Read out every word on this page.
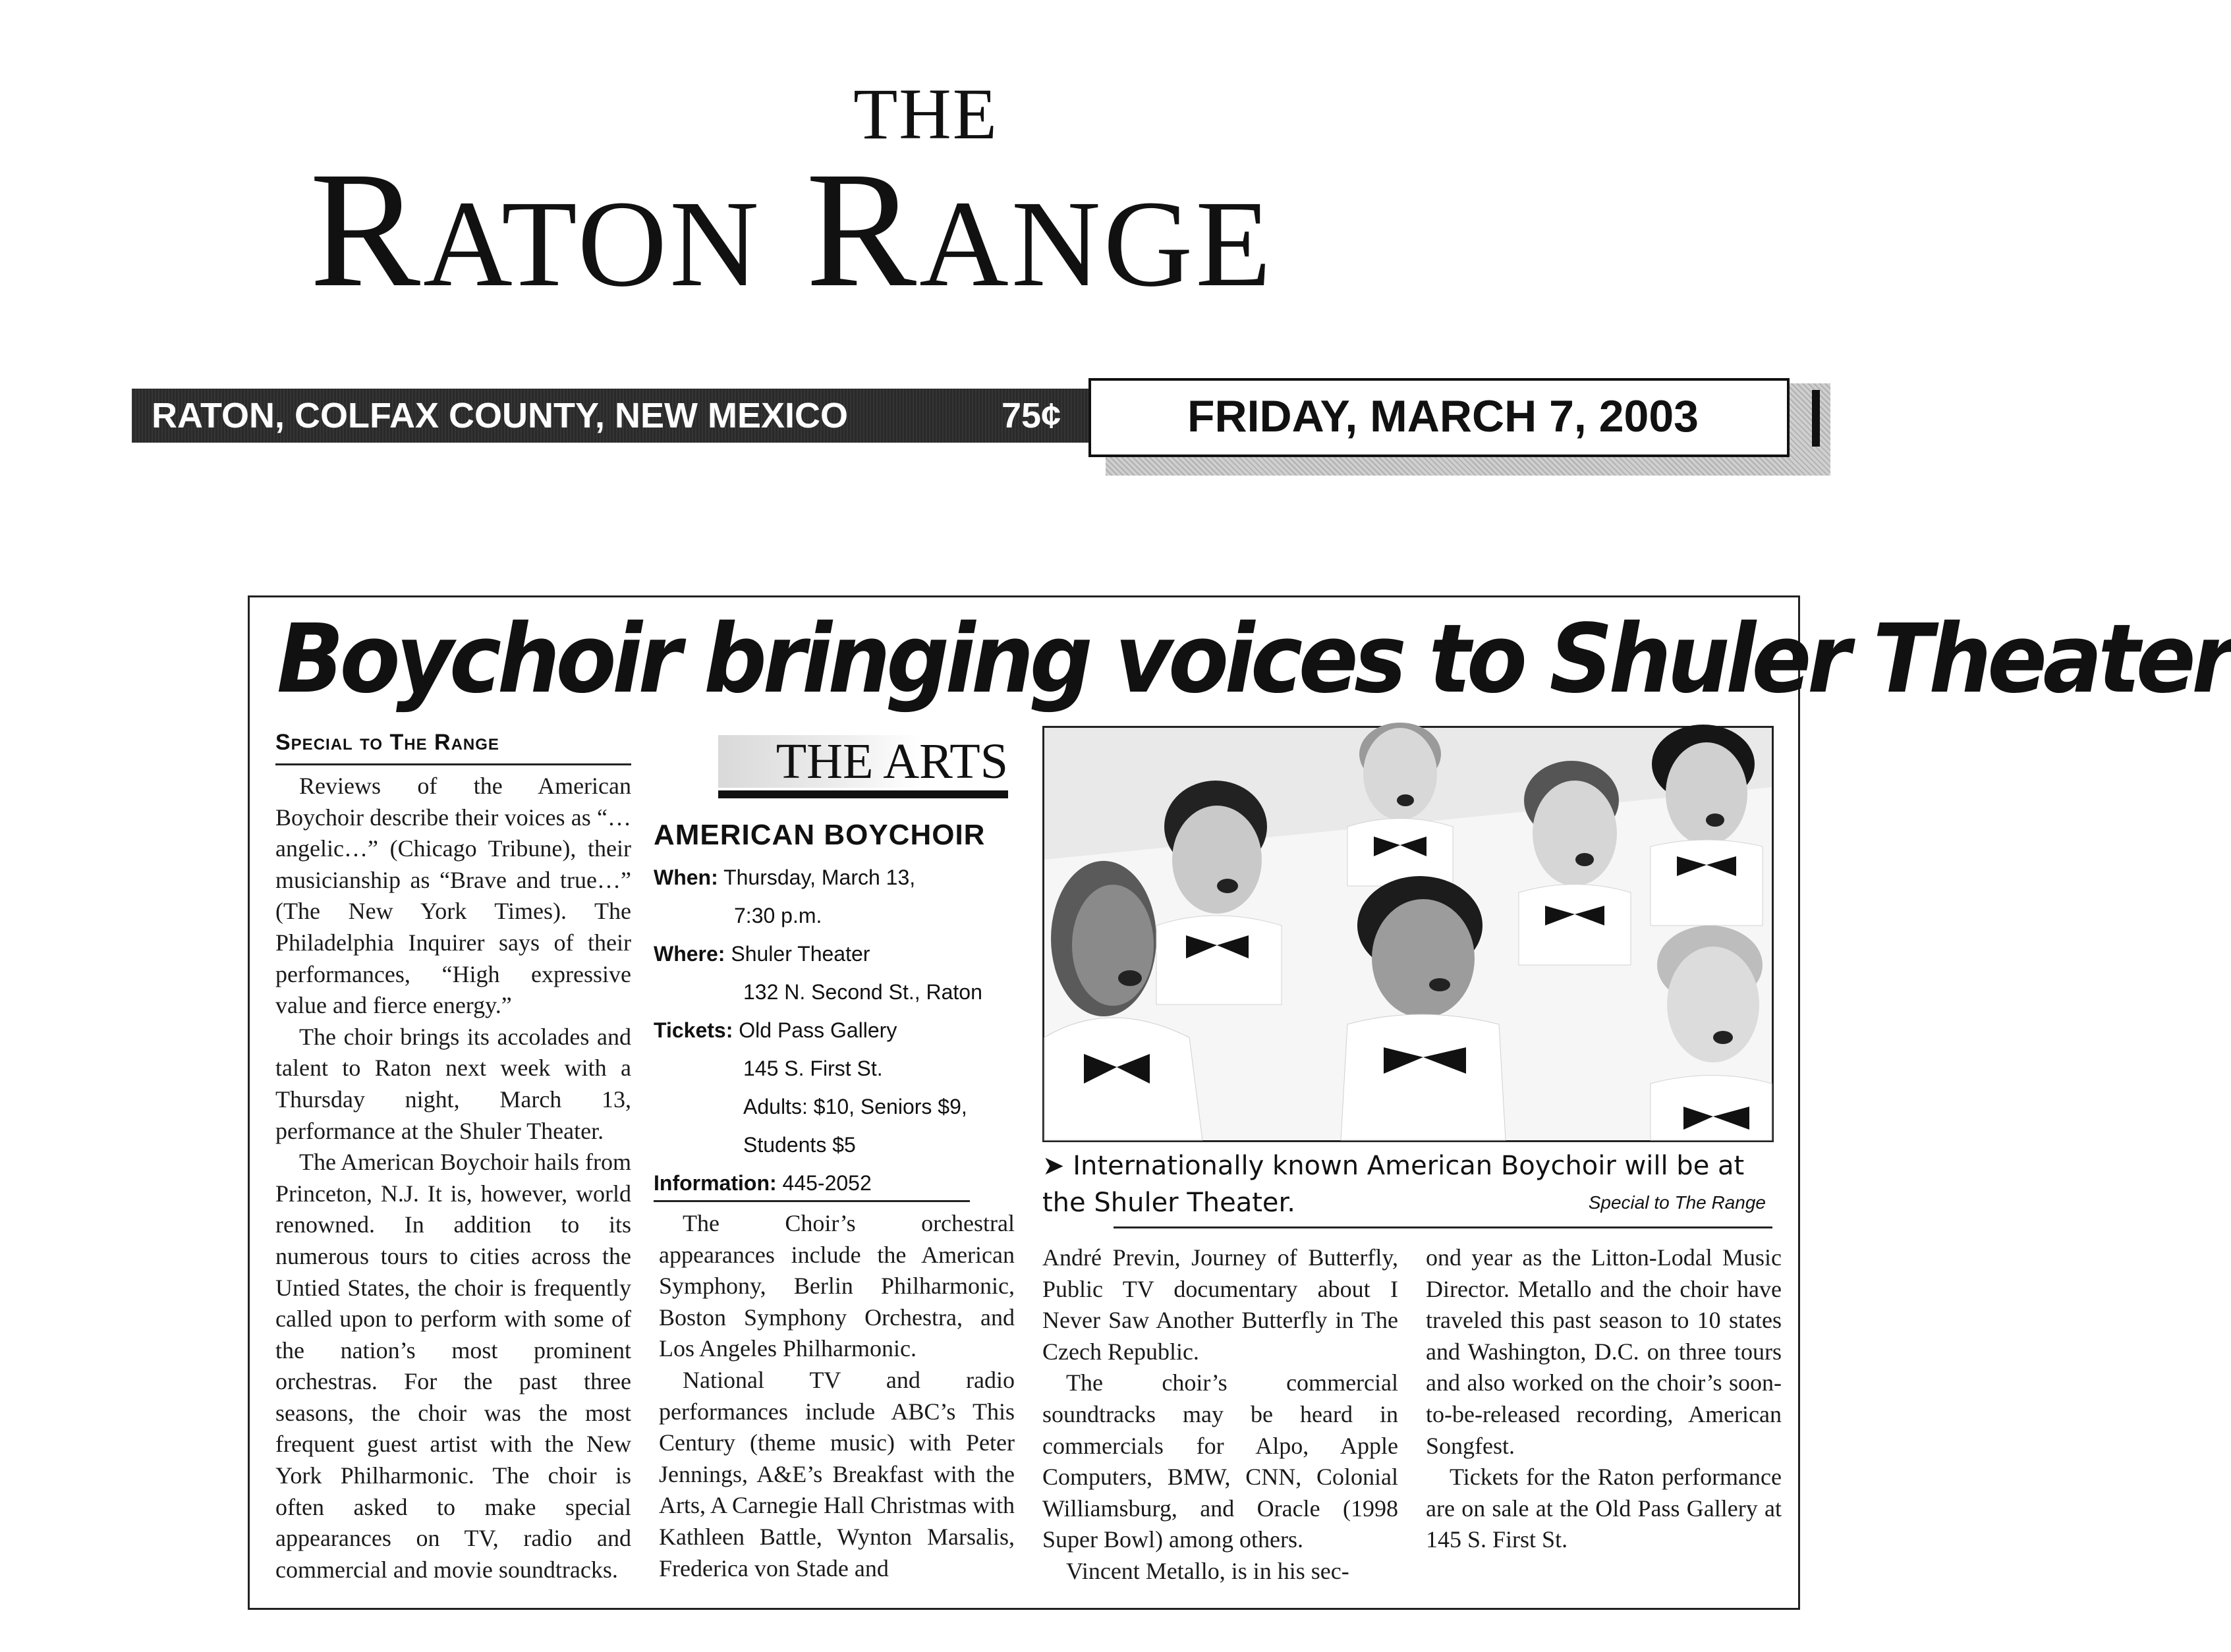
THE
RATON RANGE
RATON, COLFAX COUNTY, NEW MEXICO	75¢	FRIDAY, MARCH 7, 2003
Boychoir bringing voices to Shuler Theater
Special to The Range

Reviews of the American Boychoir describe their voices as “…angelic…” (Chicago Tribune), their musicianship as “Brave and true…” (The New York Times). The Philadelphia Inquirer says of their performances, “High expressive value and fierce energy.”

The choir brings its accolades and talent to Raton next week with a Thursday night, March 13, performance at the Shuler Theater.

The American Boychoir hails from Princeton, N.J. It is, however, world renowned. In addition to its numerous tours to cities across the Untied States, the choir is frequently called upon to perform with some of the nation’s most prominent orchestras. For the past three seasons, the choir was the most frequent guest artist with the New York Philharmonic. The choir is often asked to make special appearances on TV, radio and commercial and movie soundtracks.

THE ARTS
AMERICAN BOYCHOIR
When: Thursday, March 13,
7:30 p.m.
Where: Shuler Theater
132 N. Second St., Raton
Tickets: Old Pass Gallery
145 S. First St.
Adults: $10, Seniors $9,
Students $5
Information: 445-2052

The Choir’s orchestral appearances include the American Symphony, Berlin Philharmonic, Boston Symphony Orchestra, and Los Angeles Philharmonic.

National TV and radio performances include ABC’s This Century (theme music) with Peter Jennings, A&E’s Breakfast with the Arts, A Carnegie Hall Christmas with Kathleen Battle, Wynton Marsalis, Frederica von Stade and

➤ Internationally known American Boychoir will be at the Shuler Theater.	Special to The Range

André Previn, Journey of Butterfly, Public TV documentary about I Never Saw Another Butterfly in The Czech Republic.

The choir’s commercial soundtracks may be heard in commercials for Alpo, Apple Computers, BMW, CNN, Colonial Williamsburg, and Oracle (1998 Super Bowl) among others.

Vincent Metallo, is in his sec-

ond year as the Litton-Lodal Music Director. Metallo and the choir have traveled this past season to 10 states and Washington, D.C. on three tours and also worked on the choir’s soon-to-be-released recording, American Songfest.

Tickets for the Raton performance are on sale at the Old Pass Gallery at 145 S. First St.
